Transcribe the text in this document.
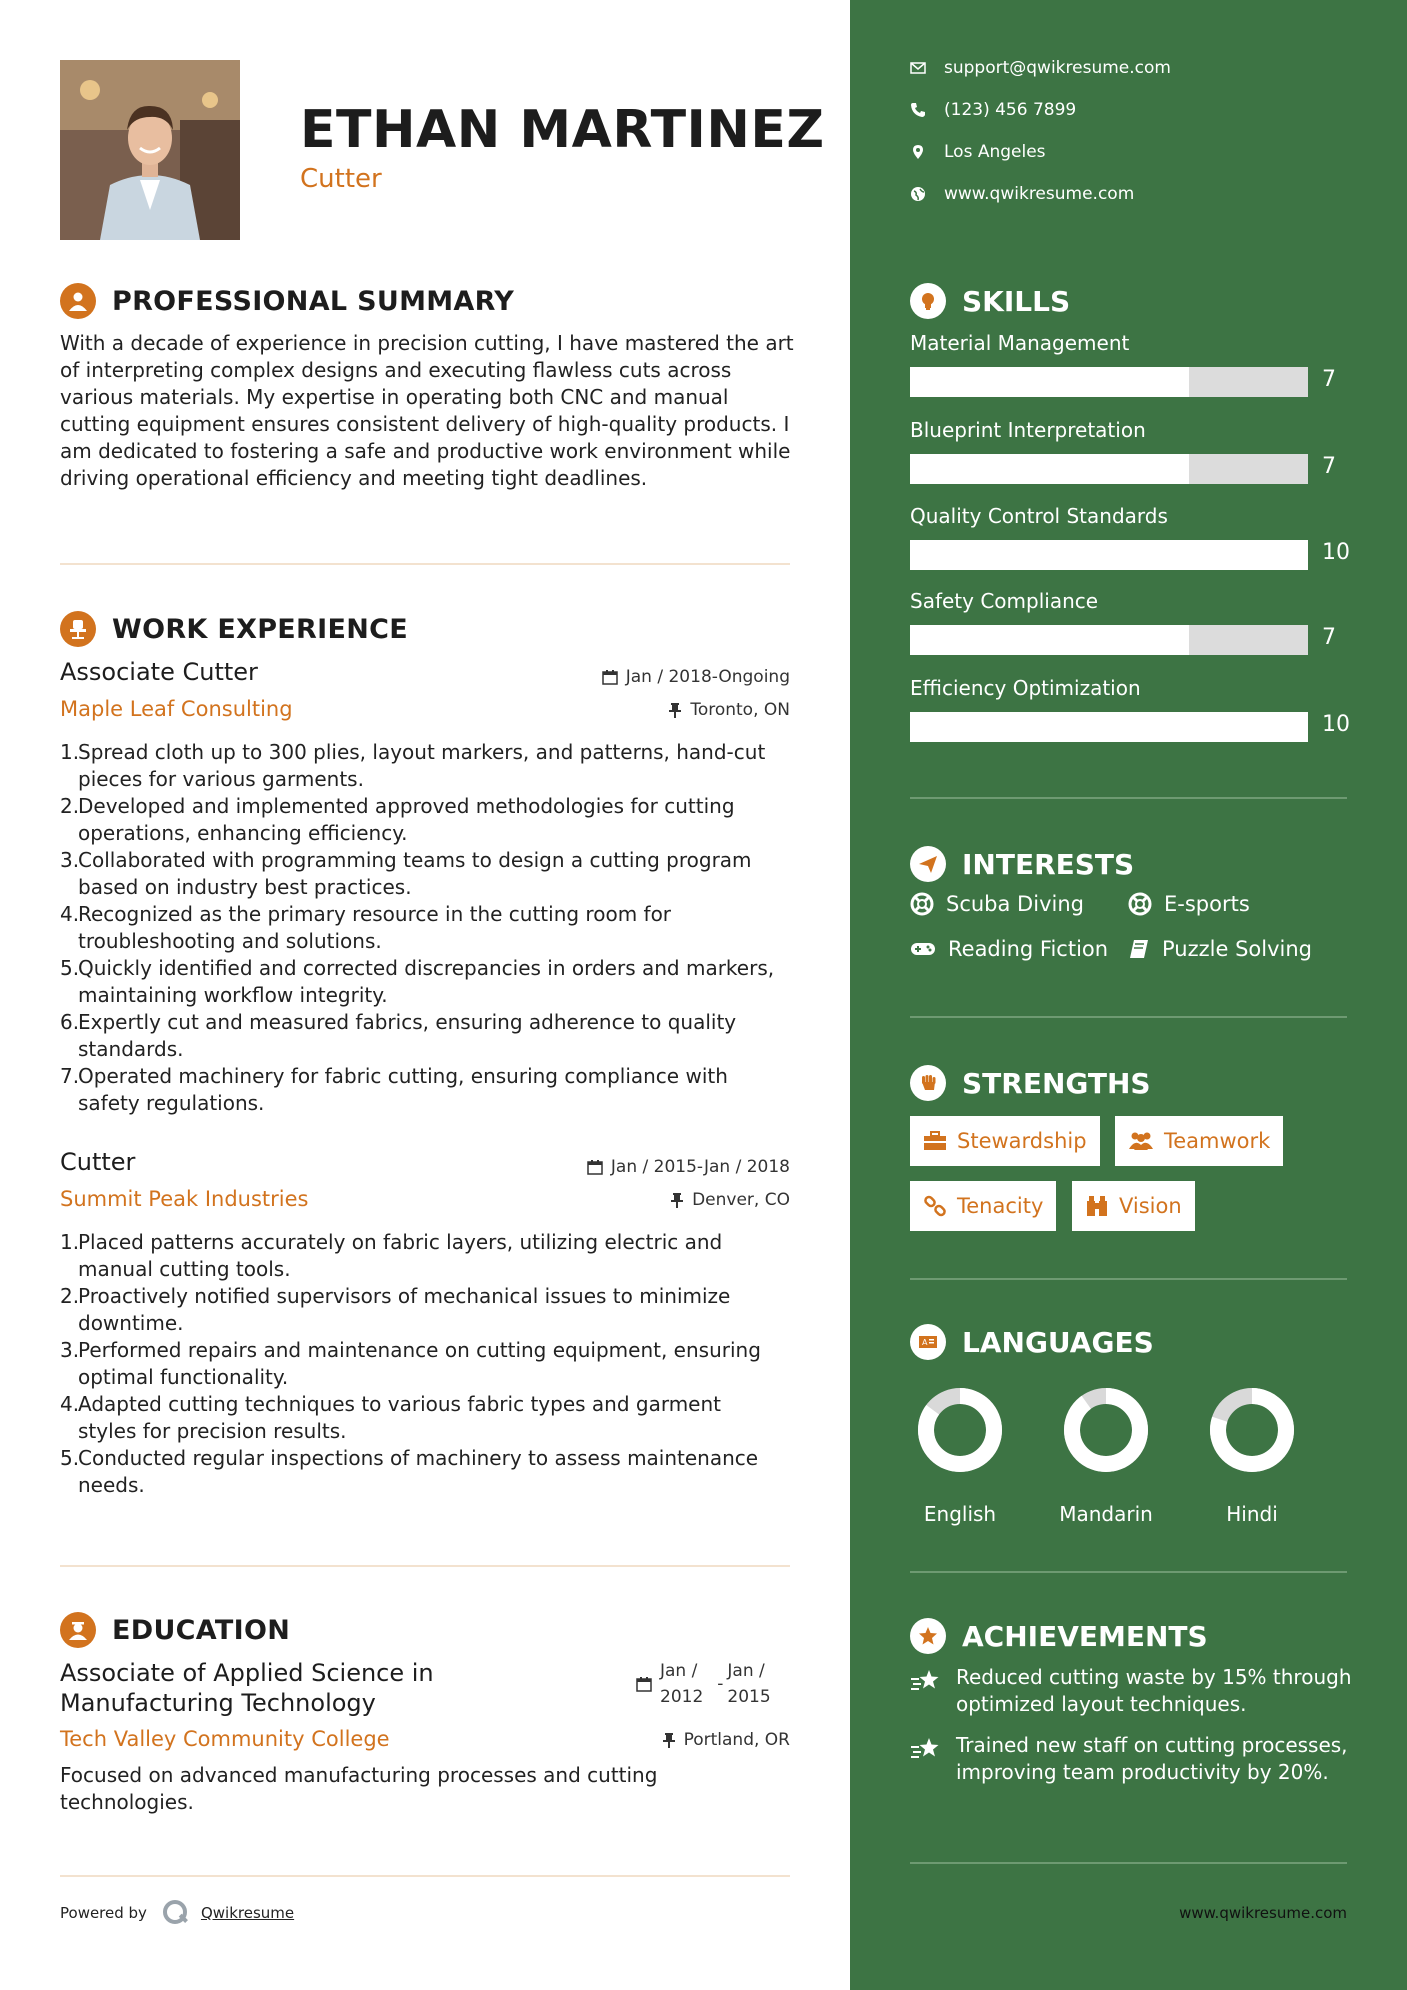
ETHAN MARTINEZ
Cutter
PROFESSIONAL SUMMARY
With a decade of experience in precision cutting, I have mastered the art of interpreting complex designs and executing flawless cuts across various materials. My expertise in operating both CNC and manual cutting equipment ensures consistent delivery of high-quality products. I am dedicated to fostering a safe and productive work environment while driving operational efficiency and meeting tight deadlines.
WORK EXPERIENCE
Associate Cutter	Jan / 2018-Ongoing
Maple Leaf Consulting	Toronto, ON
1.
Spread cloth up to 300 plies, layout markers, and patterns, hand-cut pieces for various garments.
2.
Developed and implemented approved methodologies for cutting operations, enhancing efficiency.
3.
Collaborated with programming teams to design a cutting program based on industry best practices.
4.
Recognized as the primary resource in the cutting room for troubleshooting and solutions.
5.
Quickly identified and corrected discrepancies in orders and markers, maintaining workflow integrity.
6.
Expertly cut and measured fabrics, ensuring adherence to quality standards.
7.
Operated machinery for fabric cutting, ensuring compliance with safety regulations.
Cutter	Jan / 2015-Jan / 2018
Summit Peak Industries	Denver, CO
1.
Placed patterns accurately on fabric layers, utilizing electric and manual cutting tools.
2.
Proactively notified supervisors of mechanical issues to minimize downtime.
3.
Performed repairs and maintenance on cutting equipment, ensuring optimal functionality.
4.
Adapted cutting techniques to various fabric types and garment styles for precision results.
5.
Conducted regular inspections of machinery to assess maintenance needs.
EDUCATION
Associate of Applied Science in Manufacturing Technology
Jan /
2012
-
Jan /
2015
Tech Valley Community College	Portland, OR
Focused on advanced manufacturing processes and cutting technologies.
Powered by	Qwikresume
support@qwikresume.com
(123) 456 7899
Los Angeles
www.qwikresume.com
SKILLS
Material Management
7
Blueprint Interpretation
7
Quality Control Standards
10
Safety Compliance
7
Efficiency Optimization
10
INTERESTS
Scuba Diving	E-sports
Reading Fiction	Puzzle Solving
STRENGTHS
Stewardship	Teamwork
Tenacity	Vision
A LANGUAGES
English	Mandarin	Hindi
ACHIEVEMENTS
Reduced cutting waste by 15% through optimized layout techniques.
Trained new staff on cutting processes, improving team productivity by 20%.
www.qwikresume.com
